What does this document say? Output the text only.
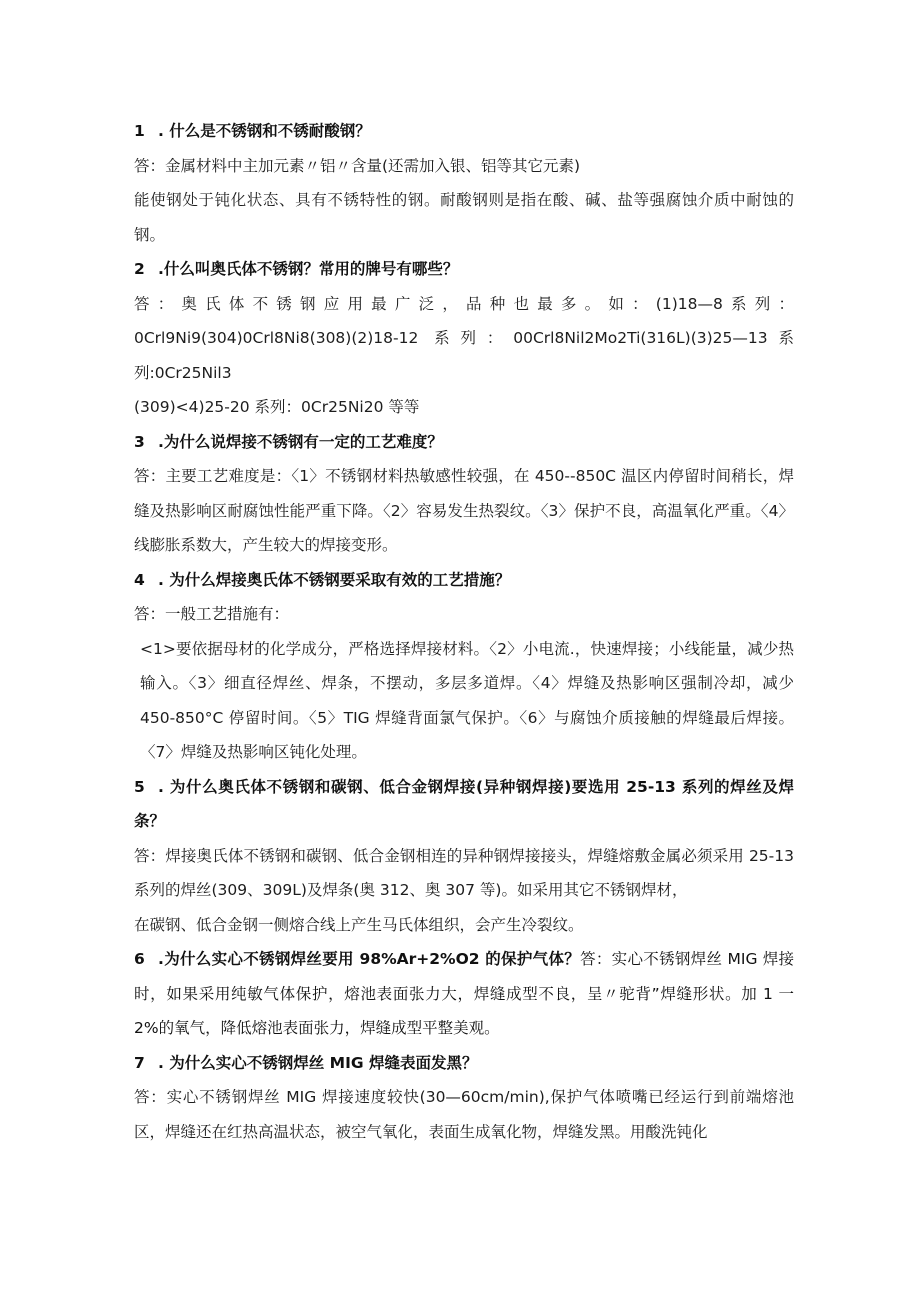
1 . 什么是不锈钢和不锈耐酸钢？

答：金属材料中主加元素〃铝〃含量(还需加入银、铝等其它元素)

能使钢处于钝化状态、具有不锈特性的钢。耐酸钢则是指在酸、碱、盐等强腐蚀介质中耐蚀的钢。

2 .什么叫奥氏体不锈钢？常用的牌号有哪些？

答：奥氏体不锈钢应用最广泛，品种也最多。如：(1)18—8系列：0Crl9Ni9(304)0Crl8Ni8(308)(2)18-12 系列：00Crl8Nil2Mo2Ti(316L)(3)25—13系列:0Cr25Nil3

(309)<4)25-20 系列：0Cr25Ni20 等等

3 .为什么说焊接不锈钢有一定的工艺难度？

答：主要工艺难度是：〈1〉不锈钢材料热敏感性较强，在 450--850C 温区内停留时间稍长，焊缝及热影响区耐腐蚀性能严重下降。〈2〉容易发生热裂纹。〈3〉保护不良，高温氧化严重。〈4〉线膨胀系数大，产生较大的焊接变形。

4 . 为什么焊接奥氏体不锈钢要采取有效的工艺措施？

答：一般工艺措施有：

<1>要依据母材的化学成分，严格选择焊接材料。〈2〉小电流.，快速焊接；小线能量，减少热输入。〈3〉细直径焊丝、焊条，不摆动，多层多道焊。〈4〉焊缝及热影响区强制冷却，减少 450-850°C 停留时间。〈5〉TIG 焊缝背面氯气保护。〈6〉与腐蚀介质接触的焊缝最后焊接。〈7〉焊缝及热影响区钝化处理。

5 . 为什么奥氏体不锈钢和碳钢、低合金钢焊接(异种钢焊接)要选用 25-13 系列的焊丝及焊条？

答：焊接奥氏体不锈钢和碳钢、低合金钢相连的异种钢焊接接头，焊缝熔敷金属必须采用 25-13 系列的焊丝(309、309L)及焊条(奥 312、奥 307 等)。如采用其它不锈钢焊材，

在碳钢、低合金钢一侧熔合线上产生马氏体组织，会产生冷裂纹。

6 .为什么实心不锈钢焊丝要用 98%Ar+2%O2 的保护气体？答：实心不锈钢焊丝 MIG 焊接时，如果采用纯敏气体保护，熔池表面张力大，焊缝成型不良，呈〃驼背”焊缝形状。加 1 一 2%的氧气，降低熔池表面张力，焊缝成型平整美观。

7 . 为什么实心不锈钢焊丝 MIG 焊缝表面发黑？

答：实心不锈钢焊丝 MIG 焊接速度较快(30—60cm/min),保护气体喷嘴已经运行到前端熔池区，焊缝还在红热高温状态，被空气氧化，表面生成氧化物，焊缝发黑。用酸洗钝化
